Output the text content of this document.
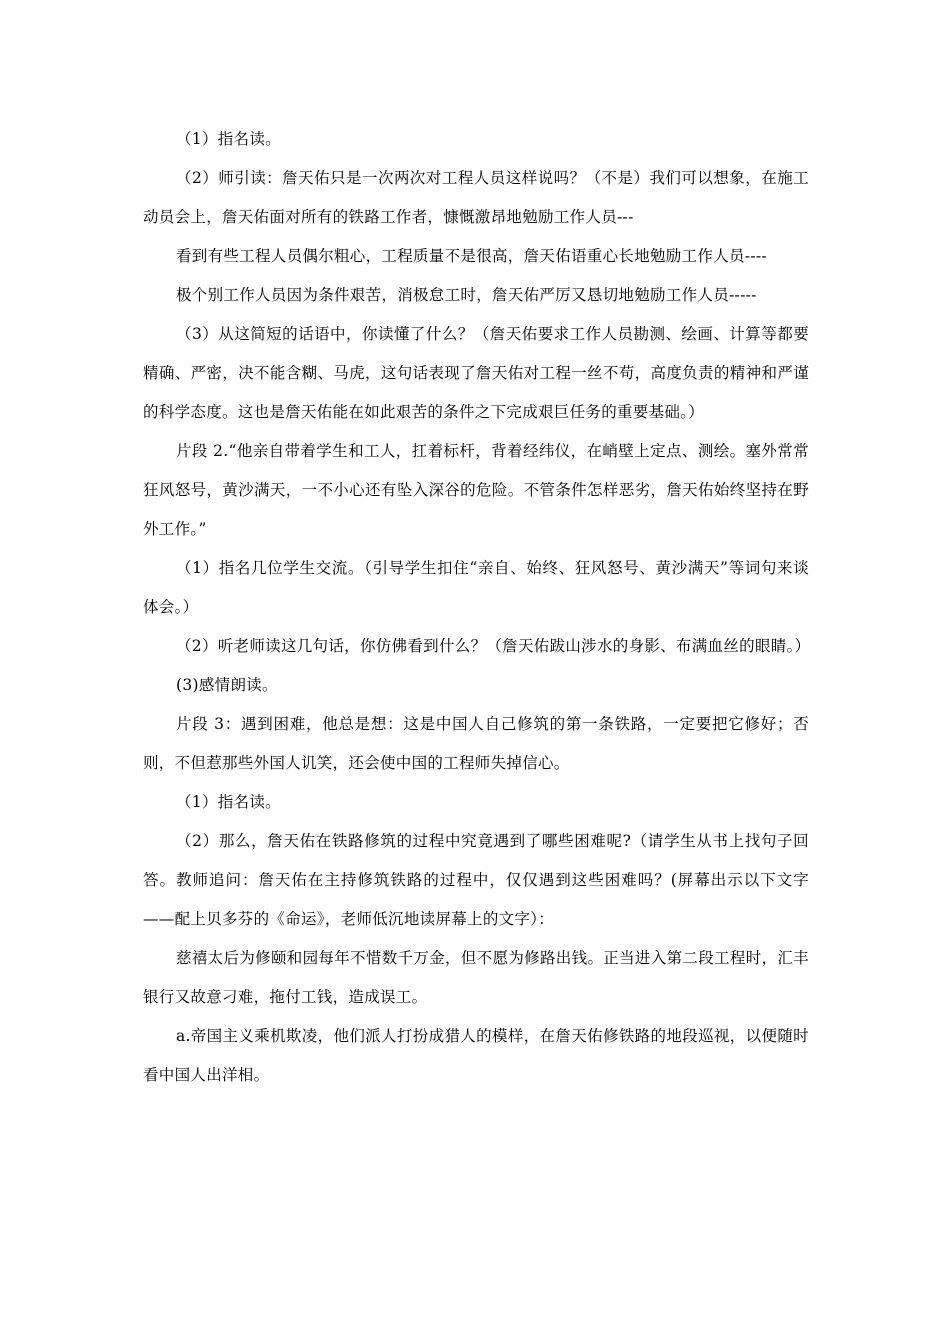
（1）指名读。

（2）师引读：詹天佑只是一次两次对工程人员这样说吗？（不是）我们可以想象，在施工动员会上，詹天佑面对所有的铁路工作者，慷慨激昂地勉励工作人员---

看到有些工程人员偶尔粗心，工程质量不是很高，詹天佑语重心长地勉励工作人员----

极个别工作人员因为条件艰苦，消极怠工时，詹天佑严厉又恳切地勉励工作人员-----

（3）从这简短的话语中，你读懂了什么？（詹天佑要求工作人员勘测、绘画、计算等都要精确、严密，决不能含糊、马虎，这句话表现了詹天佑对工程一丝不苟，高度负责的精神和严谨的科学态度。这也是詹天佑能在如此艰苦的条件之下完成艰巨任务的重要基础。）

片段 2.“他亲自带着学生和工人，扛着标杆，背着经纬仪，在峭壁上定点、测绘。塞外常常狂风怒号，黄沙满天，一不小心还有坠入深谷的危险。不管条件怎样恶劣，詹天佑始终坚持在野外工作。”

（1）指名几位学生交流。（引导学生扣住“亲自、始终、狂风怒号、黄沙满天”等词句来谈体会。）

（2）听老师读这几句话，你仿佛看到什么？（詹天佑跋山涉水的身影、布满血丝的眼睛。）

(3)感情朗读。

片段 3：遇到困难，他总是想：这是中国人自己修筑的第一条铁路，一定要把它修好；否则，不但惹那些外国人讥笑，还会使中国的工程师失掉信心。

（1）指名读。

（2）那么，詹天佑在铁路修筑的过程中究竟遇到了哪些困难呢?（请学生从书上找句子回答。教师追问：詹天佑在主持修筑铁路的过程中，仅仅遇到这些困难吗？(屏幕出示以下文字——配上贝多芬的《命运》，老师低沉地读屏幕上的文字）：

慈禧太后为修颐和园每年不惜数千万金，但不愿为修路出钱。正当进入第二段工程时，汇丰银行又故意刁难，拖付工钱，造成误工。

a.帝国主义乘机欺凌，他们派人打扮成猎人的模样，在詹天佑修铁路的地段巡视，以便随时看中国人出洋相。
